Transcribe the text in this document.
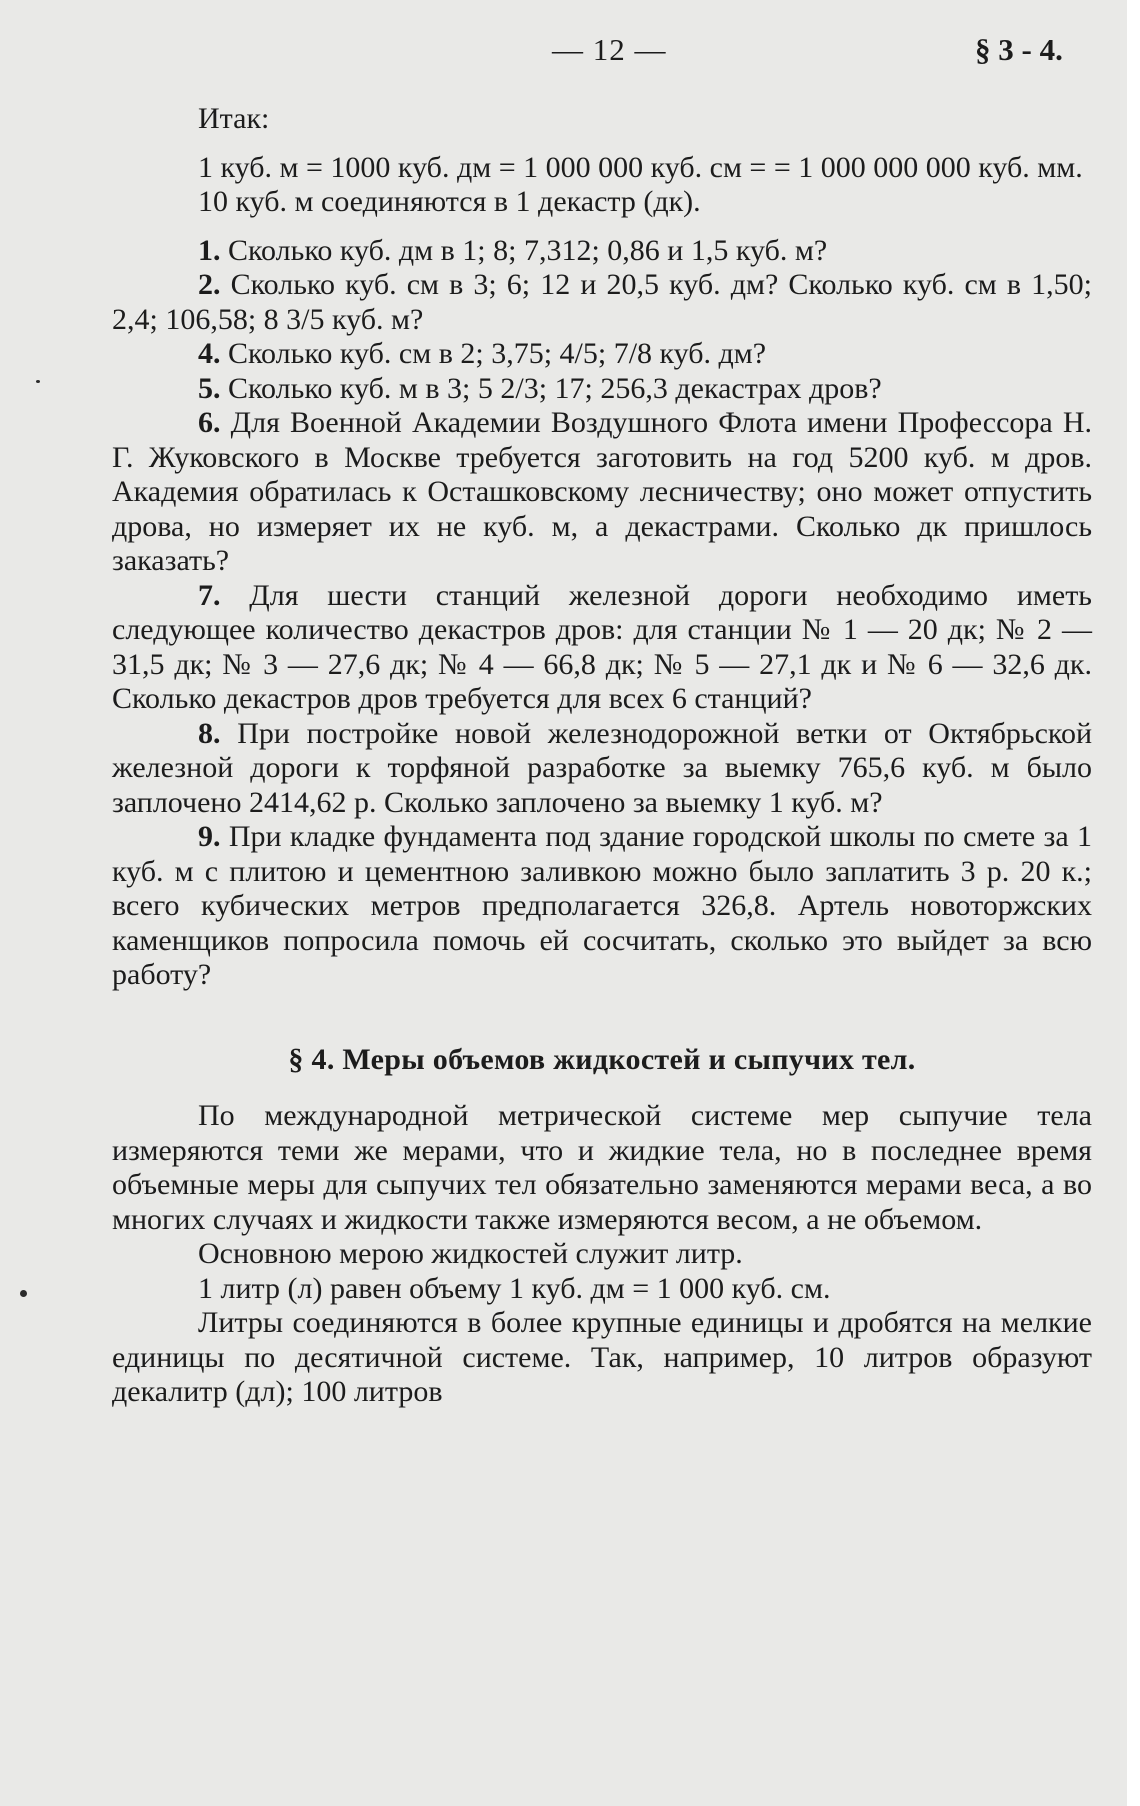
— 12 —	§ 3 - 4.

Итак:

1 куб. м = 1000 куб. дм = 1 000 000 куб. см = = 1 000 000 000 куб. мм.

10 куб. м соединяются в 1 декастр (дк).

1. Сколько куб. дм в 1; 8; 7,312; 0,86 и 1,5 куб. м?

2. Сколько куб. см в 3; 6; 12 и 20,5 куб. дм? Сколько куб. см в 1,50; 2,4; 106,58; 8 3/5 куб. м?

4. Сколько куб. см в 2; 3,75; 4/5; 7/8 куб. дм?

5. Сколько куб. м в 3; 5 2/3; 17; 256,3 декастрах дров?

6. Для Военной Академии Воздушного Флота имени Профессора Н. Г. Жуковского в Москве требуется заготовить на год 5200 куб. м дров. Академия обратилась к Осташковскому лесничеству; оно может отпустить дрова, но измеряет их не куб. м, а декастрами. Сколько дк пришлось заказать?

7. Для шести станций железной дороги необходимо иметь следующее количество декастров дров: для станции № 1 — 20 дк; № 2 — 31,5 дк; № 3 — 27,6 дк; № 4 — 66,8 дк; № 5 — 27,1 дк и № 6 — 32,6 дк. Сколько декастров дров требуется для всех 6 станций?

8. При постройке новой железнодорожной ветки от Октябрьской железной дороги к торфяной разработке за выемку 765,6 куб. м было заплочено 2414,62 р. Сколько заплочено за выемку 1 куб. м?

9. При кладке фундамента под здание городской школы по смете за 1 куб. м с плитою и цементною заливкою можно было заплатить 3 р. 20 к.; всего кубических метров предполагается 326,8. Артель новоторжских каменщиков попросила помочь ей сосчитать, сколько это выйдет за всю работу?

§ 4. Меры объемов жидкостей и сыпучих тел.

По международной метрической системе мер сыпучие тела измеряются теми же мерами, что и жидкие тела, но в последнее время объемные меры для сыпучих тел обязательно заменяются мерами веса, а во многих случаях и жидкости также измеряются весом, а не объемом.

Основною мерою жидкостей служит литр.

1 литр (л) равен объему 1 куб. дм = 1 000 куб. см.

Литры соединяются в более крупные единицы и дробятся на мелкие единицы по десятичной системе. Так, например, 10 литров образуют декалитр (дл); 100 литров
